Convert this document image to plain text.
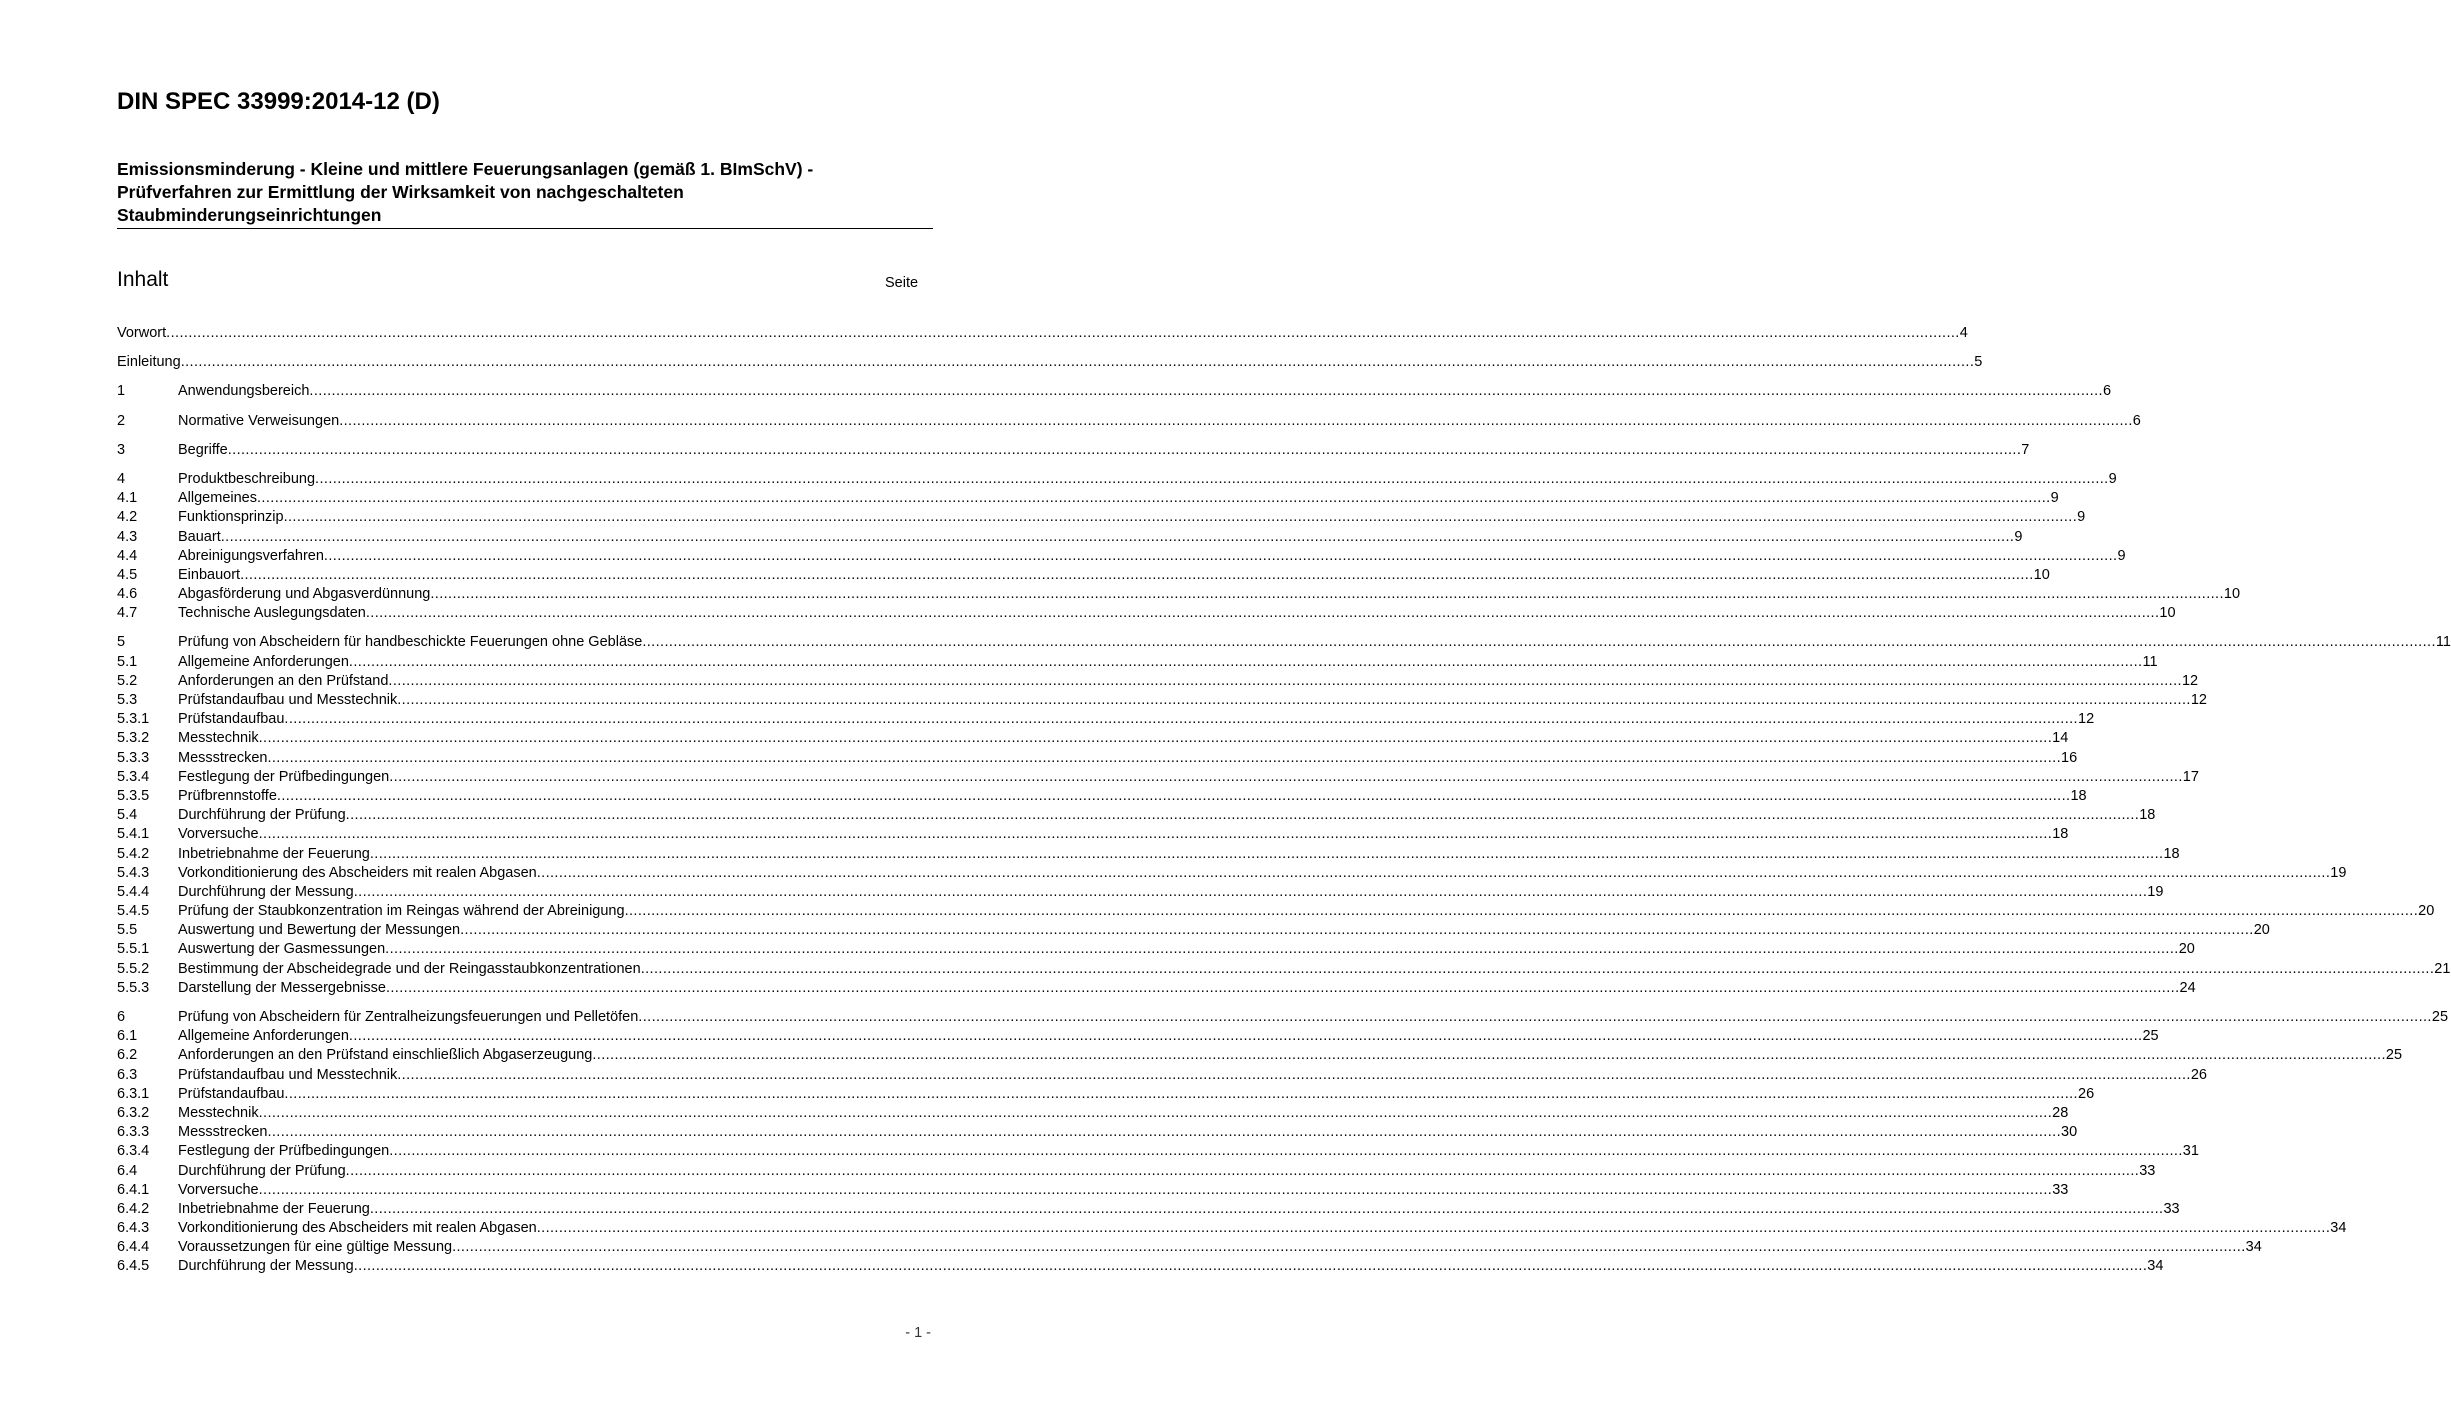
DIN SPEC 33999:2014-12 (D)
Emissionsminderung - Kleine und mittlere Feuerungsanlagen (gemäß 1. BImSchV) - Prüfverfahren zur Ermittlung der Wirksamkeit von nachgeschalteten Staubminderungseinrichtungen
Inhalt	Seite
Vorwort .....	4
Einleitung .....	5
1	Anwendungsbereich .....	6
2	Normative Verweisungen .....	6
3	Begriffe .....	7
4	Produktbeschreibung .....	9
4.1	Allgemeines .....	9
4.2	Funktionsprinzip .....	9
4.3	Bauart .....	9
4.4	Abreinigungsverfahren .....	9
4.5	Einbauort .....	10
4.6	Abgasförderung und Abgasverdünnung .....	10
4.7	Technische Auslegungsdaten .....	10
5	Prüfung von Abscheidern für handbeschickte Feuerungen ohne Gebläse .....	11
5.1	Allgemeine Anforderungen .....	11
5.2	Anforderungen an den Prüfstand .....	12
5.3	Prüfstandaufbau und Messtechnik .....	12
5.3.1	Prüfstandaufbau .....	12
5.3.2	Messtechnik .....	14
5.3.3	Messstrecken .....	16
5.3.4	Festlegung der Prüfbedingungen .....	17
5.3.5	Prüfbrennstoffe .....	18
5.4	Durchführung der Prüfung .....	18
5.4.1	Vorversuche .....	18
5.4.2	Inbetriebnahme der Feuerung .....	18
5.4.3	Vorkonditionierung des Abscheiders mit realen Abgasen .....	19
5.4.4	Durchführung der Messung .....	19
5.4.5	Prüfung der Staubkonzentration im Reingas während der Abreinigung .....	20
5.5	Auswertung und Bewertung der Messungen .....	20
5.5.1	Auswertung der Gasmessungen .....	20
5.5.2	Bestimmung der Abscheidegrade und der Reingasstaubkonzentrationen .....	21
5.5.3	Darstellung der Messergebnisse .....	24
6	Prüfung von Abscheidern für Zentralheizungsfeuerungen und Pelletöfen .....	25
6.1	Allgemeine Anforderungen .....	25
6.2	Anforderungen an den Prüfstand einschließlich Abgaserzeugung .....	25
6.3	Prüfstandaufbau und Messtechnik .....	26
6.3.1	Prüfstandaufbau .....	26
6.3.2	Messtechnik .....	28
6.3.3	Messstrecken .....	30
6.3.4	Festlegung der Prüfbedingungen .....	31
6.4	Durchführung der Prüfung .....	33
6.4.1	Vorversuche .....	33
6.4.2	Inbetriebnahme der Feuerung .....	33
6.4.3	Vorkonditionierung des Abscheiders mit realen Abgasen .....	34
6.4.4	Voraussetzungen für eine gültige Messung .....	34
6.4.5	Durchführung der Messung .....	34
- 1 -
